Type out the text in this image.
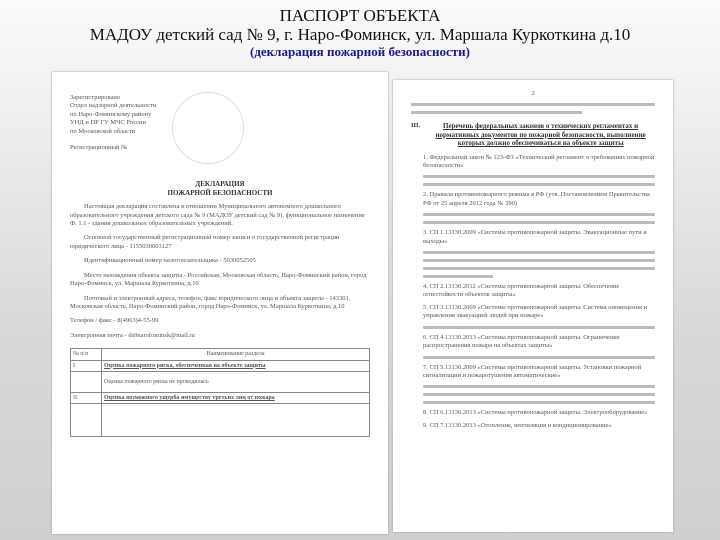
ПАСПОРТ ОБЪЕКТА
МАДОУ детский сад № 9, г. Наро-Фоминск, ул. Маршала Куркоткина д.10
(декларация пожарной безопасности)
Зарегистрировано
Отдел надзорной деятельности
по Наро-Фоминскому району
УНД и ПР ГУ МЧС России
по Московской области
Регистрационный №
ДЕКЛАРАЦИЯ
ПОЖАРНОЙ БЕЗОПАСНОСТИ

Настоящая декларация составлена в отношении Муниципального автономного дошкольного образовательного учреждения детского сада № 9 (МАДОУ детский сад № 9), функциональное назначение Ф. 1.1 - здания дошкольных образовательных учреждений.

Основной государственный регистрационный номер записи о государственной регистрации юридического лица - 1155030003127

Идентификационный номер налогоплательщика - 5030052505

Место нахождения объекта защиты - Российская, Московская область, Наро-Фоминский район, город Наро-Фоминск, ул. Маршала Куркоткина, д.10

Почтовый и электронный адреса, телефон, факс юридического лица и объекта защиты - 143301, Московская область, Наро-Фоминский район, город Наро-Фоминск, ул. Маршала Куркоткина, д.10

Телефон / факс - 8(4963)4-55-99
Электронная почта - ds9narofominsk@mail.ru
№ п/п	Наименование раздела
I.	Оценка пожарного риска, обеспеченная на объекте защиты
	Оценка пожарного риска не проводилась
II.	Оценка возможного ущерба имуществу третьих лиц от пожара

2
III.	Перечень федеральных законов о технических регламентах и нормативных документов по пожарной безопасности, выполнение которых должно обеспечиваться на объекте защиты

1. Федеральный закон № 123-ФЗ «Технический регламент о требованиях пожарной безопасности»

2. Правила противопожарного режима в РФ (утв. Постановлением Правительства РФ от 25 апреля 2012 года № 390)

3. СП 1.13130.2009 «Системы противопожарной защиты. Эвакуационные пути и выходы»

4. СП 2.13130.2012 «Системы противопожарной защиты. Обеспечение огнестойкости объектов защиты»

5. СП 3.13130.2009 «Системы противопожарной защиты. Система оповещения и управления эвакуацией людей при пожаре»

6. СП 4.13130.2013 «Системы противопожарной защиты. Ограничение распространения пожара на объектах защиты»

7. СП 5.13130.2009 «Системы противопожарной защиты. Установки пожарной сигнализации и пожаротушения автоматические»

8. СП 6.13130.2013 «Системы противопожарной защиты. Электрооборудование»

9. СП 7.13130.2013 «Отопление, вентиляция и кондиционирование»
